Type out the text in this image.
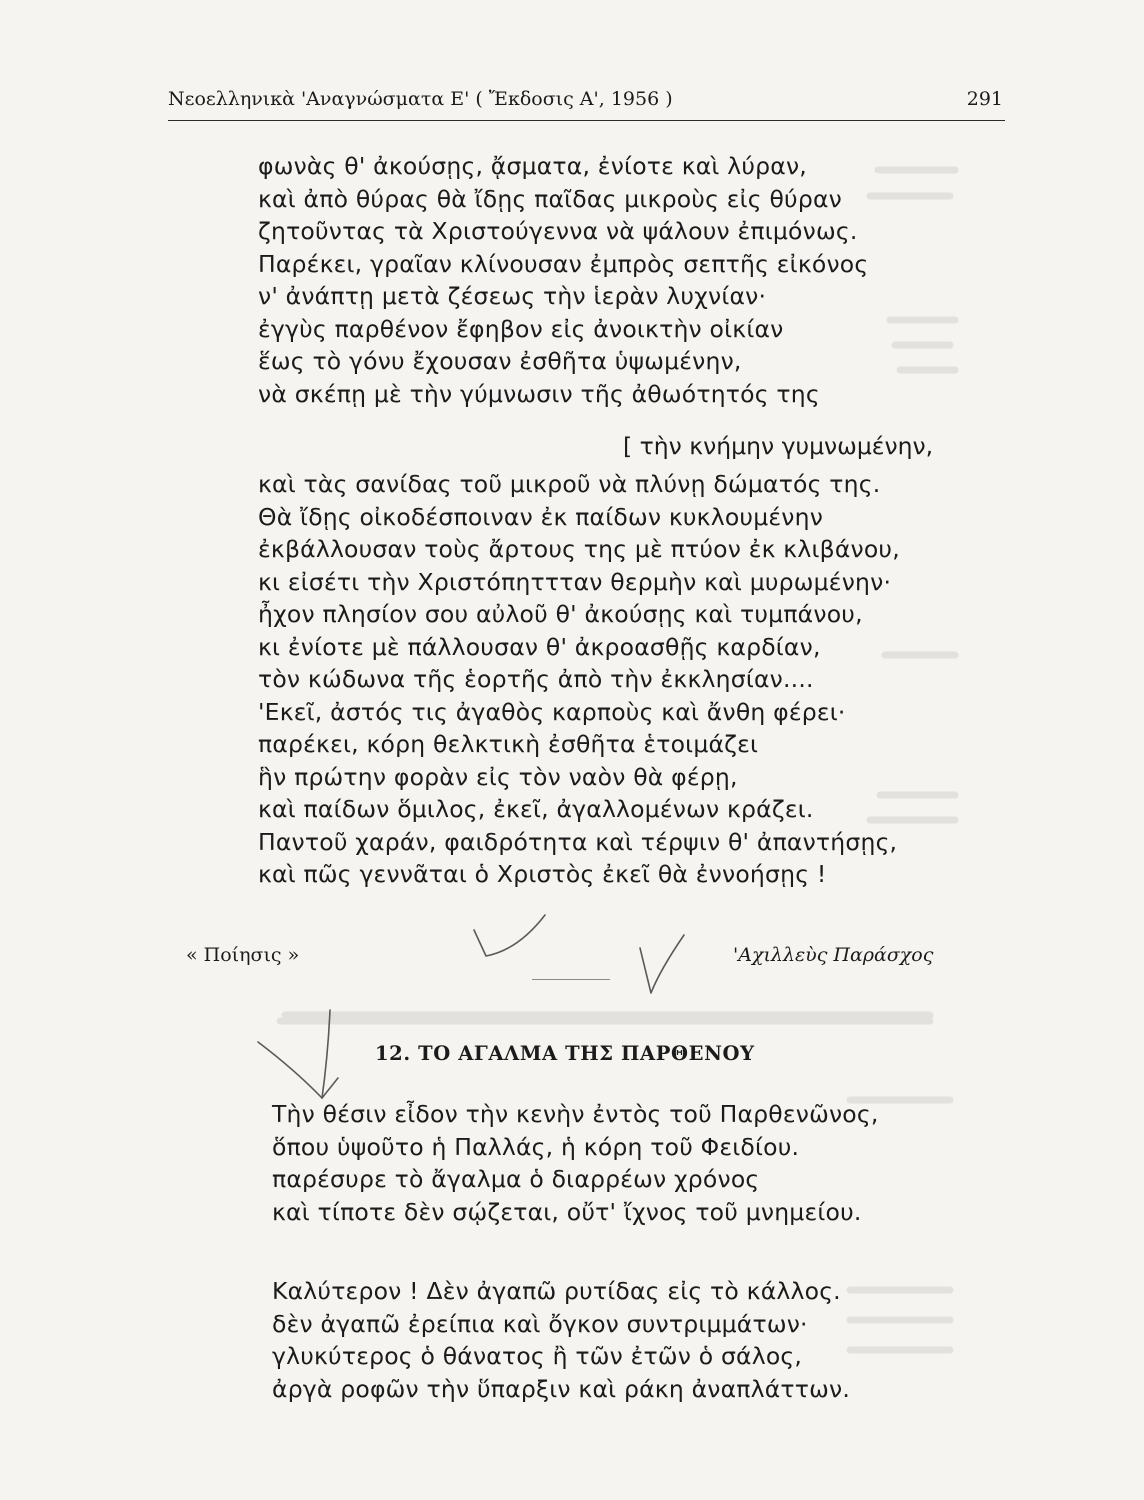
Νεοελληνικὰ 'Αναγνώσματα Ε' ( Ἔκδοσις Α', 1956 )	291
φωνὰς θ' ἀκούσῃς, ᾄσματα, ἐνίοτε καὶ λύραν,
καὶ ἀπὸ θύρας θὰ ἴδῃς παῖδας μικροὺς εἰς θύραν
ζητοῦντας τὰ Χριστούγεννα νὰ ψάλουν ἐπιμόνως.
Παρέκει, γραῖαν κλίνουσαν ἐμπρὸς σεπτῆς εἰκόνος
ν' ἀνάπτῃ μετὰ ζέσεως τὴν ἱερὰν λυχνίαν·
ἐγγὺς παρθένον ἔφηβον εἰς ἀνοικτὴν οἰκίαν
ἕως τὸ γόνυ ἔχουσαν ἐσθῆτα ὑψωμένην,
νὰ σκέπῃ μὲ τὴν γύμνωσιν τῆς ἀθωότητός της
[ τὴν κνήμην γυμνωμένην,
καὶ τὰς σανίδας τοῦ μικροῦ νὰ πλύνῃ δώματός της.
Θὰ ἴδῃς οἰκοδέσποιναν ἐκ παίδων κυκλουμένην
ἐκβάλλουσαν τοὺς ἄρτους της μὲ πτύον ἐκ κλιβάνου,
κι εἰσέτι τὴν Χριστόπηττταν θερμὴν καὶ μυρωμένην·
ἦχον πλησίον σου αὐλοῦ θ' ἀκούσῃς καὶ τυμπάνου,
κι ἐνίοτε μὲ πάλλουσαν θ' ἀκροασθῇς καρδίαν,
τὸν κώδωνα τῆς ἑορτῆς ἀπὸ τὴν ἐκκλησίαν....
'Εκεῖ, ἀστός τις ἀγαθὸς καρποὺς καὶ ἄνθη φέρει·
παρέκει, κόρη θελκτικὴ ἐσθῆτα ἑτοιμάζει
ἣν πρώτην φορὰν εἰς τὸν ναὸν θὰ φέρῃ,
καὶ παίδων ὅμιλος, ἐκεῖ, ἀγαλλομένων κράζει.
Παντοῦ χαράν, φαιδρότητα καὶ τέρψιν θ' ἀπαντήσῃς,
καὶ πῶς γεννᾶται ὁ Χριστὸς ἐκεῖ θὰ ἐννοήσῃς !
« Ποίησις »	'Αχιλλεὺς Παράσχος
12. ΤΟ ΑΓΑΛΜΑ ΤΗΣ ΠΑΡΘΕΝΟΥ
Τὴν θέσιν εἶδον τὴν κενὴν ἐντὸς τοῦ Παρθενῶνος,
ὅπου ὑψοῦτο ἡ Παλλάς, ἡ κόρη τοῦ Φειδίου.
παρέσυρε τὸ ἄγαλμα ὁ διαρρέων χρόνος
καὶ τίποτε δὲν σῴζεται, οὔτ' ἴχνος τοῦ μνημείου.
Καλύτερον ! Δὲν ἀγαπῶ ρυτίδας εἰς τὸ κάλλος.
δὲν ἀγαπῶ ἐρείπια καὶ ὄγκον συντριμμάτων·
γλυκύτερος ὁ θάνατος ἢ τῶν ἐτῶν ὁ σάλος,
ἀργὰ ροφῶν τὴν ὕπαρξιν καὶ ράκη ἀναπλάττων.
